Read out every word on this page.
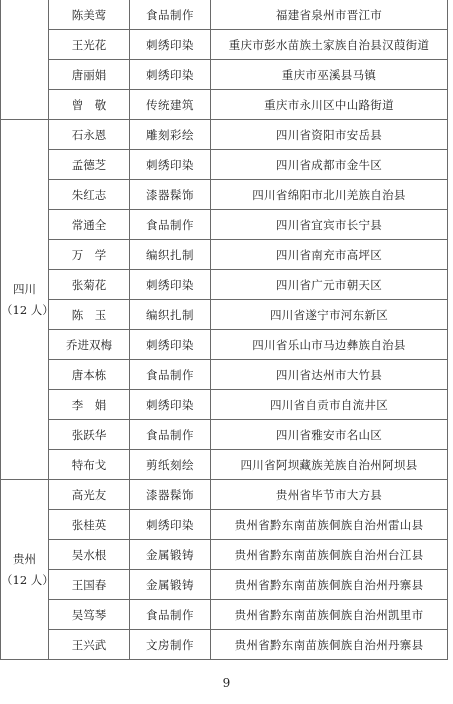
	陈美莺	食品制作	福建省泉州市晋江市
	王光花	刺绣印染	重庆市彭水苗族土家族自治县汉葭街道
	唐丽娟	刺绣印染	重庆市巫溪县马镇
	曾　敬	传统建筑	重庆市永川区中山路街道

四川
（12 人）	石永恩	雕刻彩绘	四川省资阳市安岳县
	孟德芝	刺绣印染	四川省成都市金牛区
	朱红志	漆器髹饰	四川省绵阳市北川羌族自治县
	常通全	食品制作	四川省宜宾市长宁县
	万　学	编织扎制	四川省南充市高坪区
	张菊花	刺绣印染	四川省广元市朝天区
	陈　玉	编织扎制	四川省遂宁市河东新区
	乔进双梅	刺绣印染	四川省乐山市马边彝族自治县
	唐本栋	食品制作	四川省达州市大竹县
	李　娟	刺绣印染	四川省自贡市自流井区
	张跃华	食品制作	四川省雅安市名山区
	特布戈	剪纸刻绘	四川省阿坝藏族羌族自治州阿坝县

贵州
（12 人）	高光友	漆器髹饰	贵州省毕节市大方县
	张桂英	刺绣印染	贵州省黔东南苗族侗族自治州雷山县
	吴水根	金属锻铸	贵州省黔东南苗族侗族自治州台江县
	王国春	金属锻铸	贵州省黔东南苗族侗族自治州丹寨县
	吴笃琴	食品制作	贵州省黔东南苗族侗族自治州凯里市
	王兴武	文房制作	贵州省黔东南苗族侗族自治州丹寨县
9
